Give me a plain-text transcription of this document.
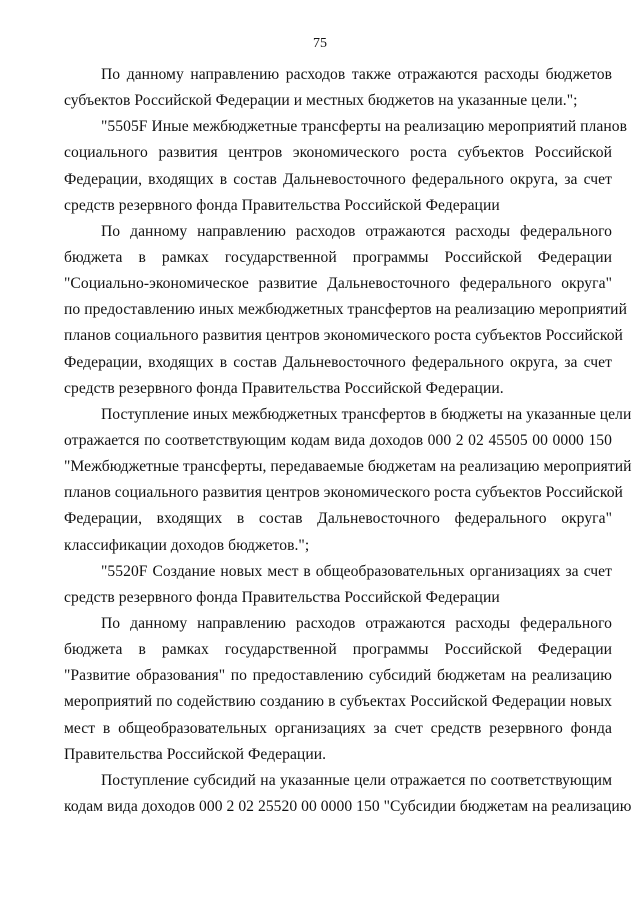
75

По данному направлению расходов также отражаются расходы бюджетов
субъектов Российской Федерации и местных бюджетов на указанные цели.";

"5505F Иные межбюджетные трансферты на реализацию мероприятий планов
социального развития центров экономического роста субъектов Российской
Федерации, входящих в состав Дальневосточного федерального округа, за счет
средств резервного фонда Правительства Российской Федерации

По данному направлению расходов отражаются расходы федерального
бюджета в рамках государственной программы Российской Федерации
"Социально-экономическое развитие Дальневосточного федерального округа"
по предоставлению иных межбюджетных трансфертов на реализацию мероприятий
планов социального развития центров экономического роста субъектов Российской
Федерации, входящих в состав Дальневосточного федерального округа, за счет
средств резервного фонда Правительства Российской Федерации.

Поступление иных межбюджетных трансфертов в бюджеты на указанные цели
отражается по соответствующим кодам вида доходов 000 2 02 45505 00 0000 150
"Межбюджетные трансферты, передаваемые бюджетам на реализацию мероприятий
планов социального развития центров экономического роста субъектов Российской
Федерации, входящих в состав Дальневосточного федерального округа"
классификации доходов бюджетов.";

"5520F Создание новых мест в общеобразовательных организациях за счет
средств резервного фонда Правительства Российской Федерации

По данному направлению расходов отражаются расходы федерального
бюджета в рамках государственной программы Российской Федерации
"Развитие образования" по предоставлению субсидий бюджетам на реализацию
мероприятий по содействию созданию в субъектах Российской Федерации новых
мест в общеобразовательных организациях за счет средств резервного фонда
Правительства Российской Федерации.

Поступление субсидий на указанные цели отражается по соответствующим
кодам вида доходов 000 2 02 25520 00 0000 150 "Субсидии бюджетам на реализацию
